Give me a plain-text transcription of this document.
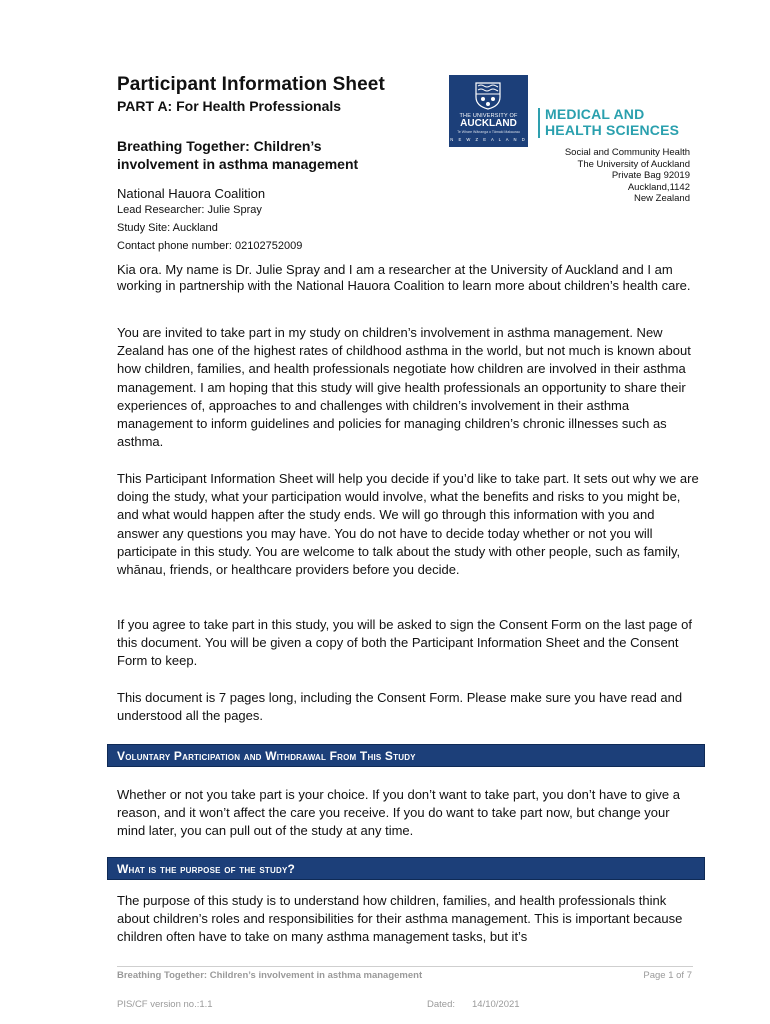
Participant Information Sheet
PART A: For Health Professionals
Breathing Together: Children’s involvement in asthma management
National Hauora Coalition
Lead Researcher: Julie Spray
Study Site: Auckland
Contact phone number: 02102752009
THE UNIVERSITY OF
AUCKLAND
Te Whare Wānanga o Tāmaki Makaurau
N E W Z E A L A N D
MEDICAL AND
HEALTH SCIENCES
Social and Community Health
The University of Auckland
Private Bag 92019
Auckland,1142
New Zealand
Kia ora. My name is Dr. Julie Spray and I am a researcher at the University of Auckland and I am working in partnership with the National Hauora Coalition to learn more about children’s health care.
You are invited to take part in my study on children’s involvement in asthma management. New Zealand has one of the highest rates of childhood asthma in the world, but not much is known about how children, families, and health professionals negotiate how children are involved in their asthma management. I am hoping that this study will give health professionals an opportunity to share their experiences of, approaches to and challenges with children’s involvement in their asthma management to inform guidelines and policies for managing children’s chronic illnesses such as asthma.
This Participant Information Sheet will help you decide if you’d like to take part. It sets out why we are doing the study, what your participation would involve, what the benefits and risks to you might be, and what would happen after the study ends. We will go through this information with you and answer any questions you may have. You do not have to decide today whether or not you will participate in this study. You are welcome to talk about the study with other people, such as family, whānau, friends, or healthcare providers before you decide.
If you agree to take part in this study, you will be asked to sign the Consent Form on the last page of this document. You will be given a copy of both the Participant Information Sheet and the Consent Form to keep.
This document is 7 pages long, including the Consent Form. Please make sure you have read and understood all the pages.
Voluntary Participation and Withdrawal From This Study
Whether or not you take part is your choice. If you don’t want to take part, you don’t have to give a reason, and it won’t affect the care you receive. If you do want to take part now, but change your mind later, you can pull out of the study at any time.
What is the purpose of the study?
The purpose of this study is to understand how children, families, and health professionals think about children’s roles and responsibilities for their asthma management. This is important because children often have to take on many asthma management tasks, but it’s
Breathing Together: Children’s involvement in asthma management	Page 1 of 7
PIS/CF version no.:1.1	Dated: 14/10/2021
